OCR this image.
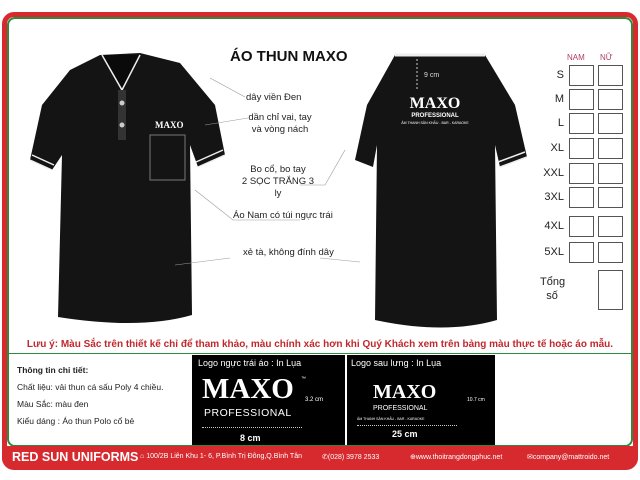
ÁO THUN MAXO
MAXO
9 cm
MAXO
PROFESSIONAL
ÂM THANH SÂN KHẤU - BAR - KARAOKE
dây viền Đen
dần chỉ vai, tay
và vòng nách
Bo cổ, bo tay
2 SỌC TRẮNG 3 ly
Áo Nam có túi ngực trái
xẻ tà, không đính dây
NAM NỮ
S
M
L
XL
XXL
3XL
4XL
5XL
Tổng số
Lưu ý: Màu Sắc trên thiết kế chỉ để tham khảo, màu chính xác hơn khi Quý Khách xem trên bảng màu thực tế hoặc áo mẫu.
Thông tin chi tiết:
Chất liệu: vải thun cá sấu Poly 4 chiều.
Màu Sắc: màu đen
Kiểu dáng : Áo thun Polo cổ bẻ
Logo ngực trái áo : In Lụa
MAXO ™
PROFESSIONAL
3.2 cm
8 cm
Logo sau lưng : In Lụa
MAXO
PROFESSIONAL
ÂM THANH SÂN KHẤU - BAR - KARAOKE
10.7 cm
25 cm
RED SUN UNIFORMS ⌂ 100/2B Liên Khu 1- 6, P.Bình Trị Đông,Q.Bình Tân	✆(028) 3978 2533	⊕www.thoitrangdongphuc.net	✉company@mattroido.net
